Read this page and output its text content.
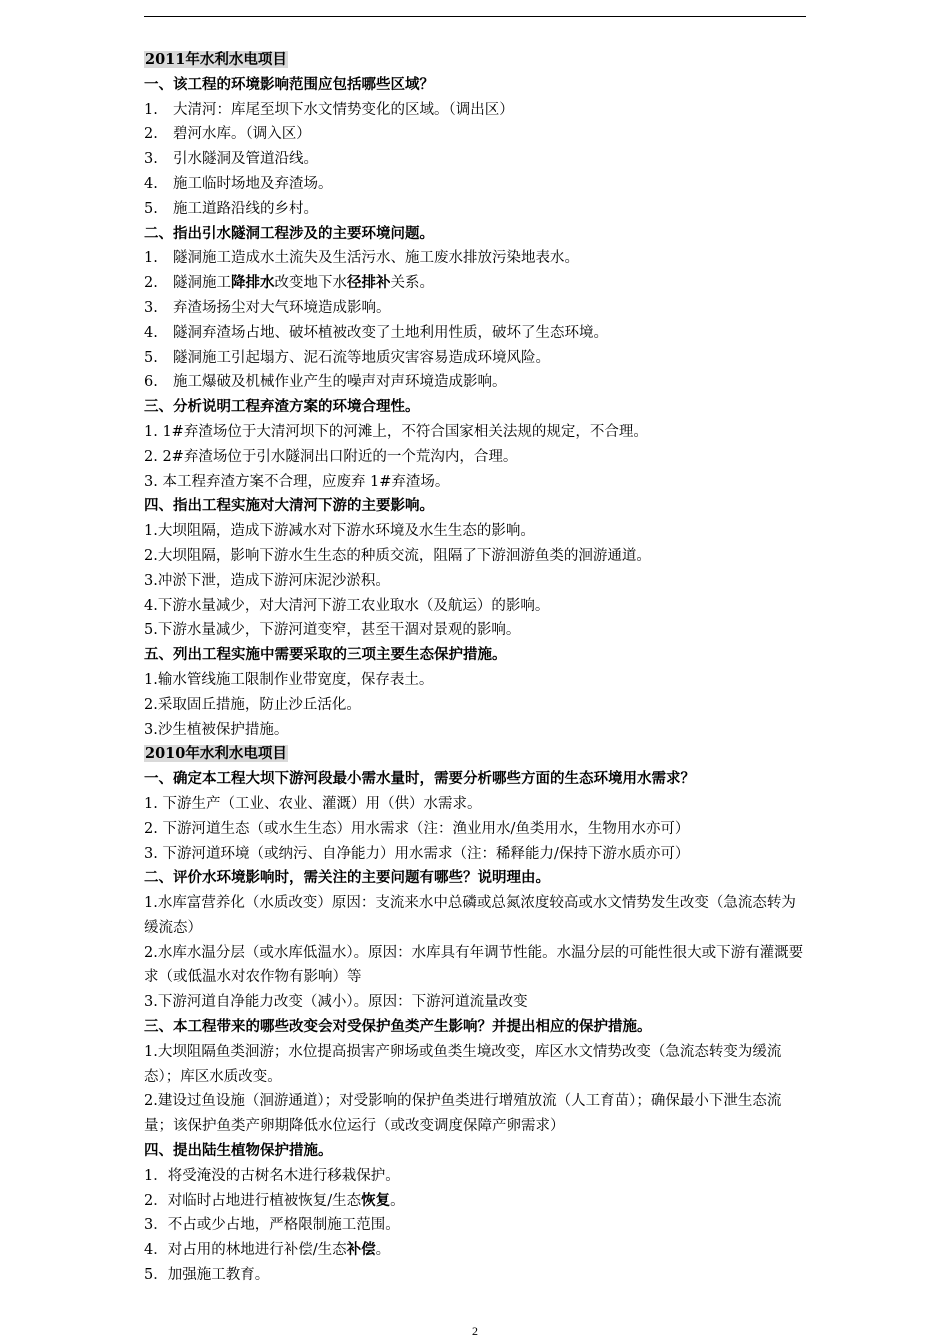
2011年水利水电项目
一、该工程的环境影响范围应包括哪些区域？
1. 大清河：库尾至坝下水文情势变化的区域。（调出区）
2. 碧河水库。（调入区）
3. 引水隧洞及管道沿线。
4. 施工临时场地及弃渣场。
5. 施工道路沿线的乡村。
二、指出引水隧洞工程涉及的主要环境问题。
1. 隧洞施工造成水土流失及生活污水、施工废水排放污染地表水。
2. 隧洞施工降排水改变地下水径排补关系。
3. 弃渣场扬尘对大气环境造成影响。
4. 隧洞弃渣场占地、破坏植被改变了土地利用性质，破坏了生态环境。
5. 隧洞施工引起塌方、泥石流等地质灾害容易造成环境风险。
6. 施工爆破及机械作业产生的噪声对声环境造成影响。
三、分析说明工程弃渣方案的环境合理性。
1. 1#弃渣场位于大清河坝下的河滩上，不符合国家相关法规的规定，不合理。
2. 2#弃渣场位于引水隧洞出口附近的一个荒沟内，合理。
3. 本工程弃渣方案不合理，应废弃 1#弃渣场。
四、指出工程实施对大清河下游的主要影响。
1.大坝阻隔，造成下游减水对下游水环境及水生生态的影响。
2.大坝阻隔，影响下游水生生态的种质交流，阻隔了下游洄游鱼类的洄游通道。
3.冲淤下泄，造成下游河床泥沙淤积。
4.下游水量减少，对大清河下游工农业取水（及航运）的影响。
5.下游水量减少，下游河道变窄，甚至干涸对景观的影响。
五、列出工程实施中需要采取的三项主要生态保护措施。
1.输水管线施工限制作业带宽度，保存表土。
2.采取固丘措施，防止沙丘活化。
3.沙生植被保护措施。
2010年水利水电项目
一、确定本工程大坝下游河段最小需水量时，需要分析哪些方面的生态环境用水需求？
1. 下游生产（工业、农业、灌溉）用（供）水需求。
2. 下游河道生态（或水生生态）用水需求（注：渔业用水/鱼类用水，生物用水亦可）
3. 下游河道环境（或纳污、自净能力）用水需求（注：稀释能力/保持下游水质亦可）
二、评价水环境影响时，需关注的主要问题有哪些？说明理由。
1.水库富营养化（水质改变）原因：支流来水中总磷或总氮浓度较高或水文情势发生改变（急流态转为缓流态）
2.水库水温分层（或水库低温水）。原因：水库具有年调节性能。水温分层的可能性很大或下游有灌溉要求（或低温水对农作物有影响）等
3.下游河道自净能力改变（减小）。原因：下游河道流量改变
三、本工程带来的哪些改变会对受保护鱼类产生影响？并提出相应的保护措施。
1.大坝阻隔鱼类洄游；水位提高损害产卵场或鱼类生境改变，库区水文情势改变（急流态转变为缓流态）；库区水质改变。
2.建设过鱼设施（洄游通道）；对受影响的保护鱼类进行增殖放流（人工育苗）；确保最小下泄生态流量；该保护鱼类产卵期降低水位运行（或改变调度保障产卵需求）
四、提出陆生植物保护措施。
1．将受淹没的古树名木进行移栽保护。
2．对临时占地进行植被恢复/生态恢复。
3．不占或少占地，严格限制施工范围。
4．对占用的林地进行补偿/生态补偿。
5．加强施工教育。
2
